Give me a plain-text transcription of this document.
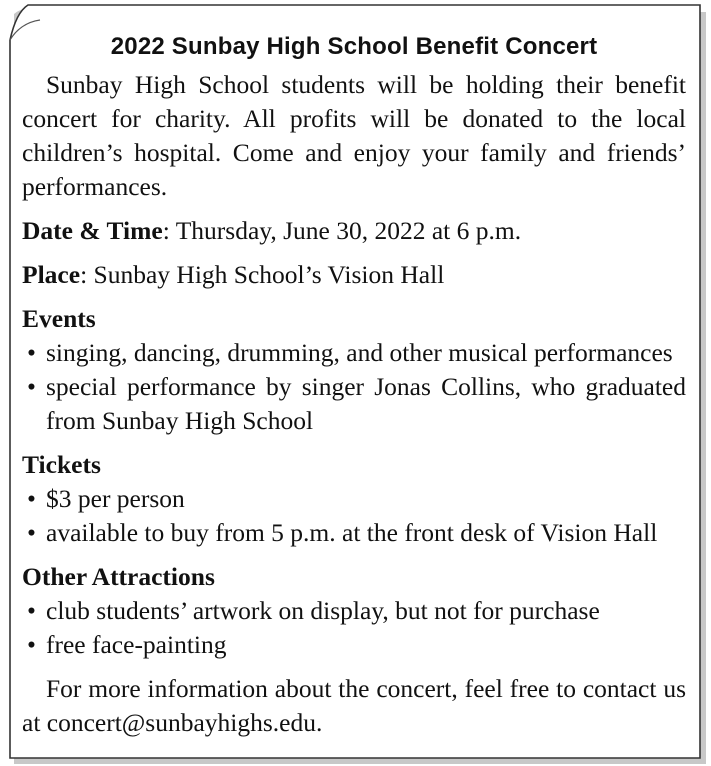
2022 Sunbay High School Benefit Concert

Sunbay High School students will be holding their benefit concert for charity. All profits will be donated to the local children’s hospital. Come and enjoy your family and friends’ performances.

Date & Time: Thursday, June 30, 2022 at 6 p.m.

Place: Sunbay High School’s Vision Hall

Events

• singing, dancing, drumming, and other musical performances
• special performance by singer Jonas Collins, who graduated from Sunbay High School

Tickets

• $3 per person
• available to buy from 5 p.m. at the front desk of Vision Hall

Other Attractions

• club students’ artwork on display, but not for purchase
• free face-painting

For more information about the concert, feel free to contact us at concert@sunbayhighs.edu.
